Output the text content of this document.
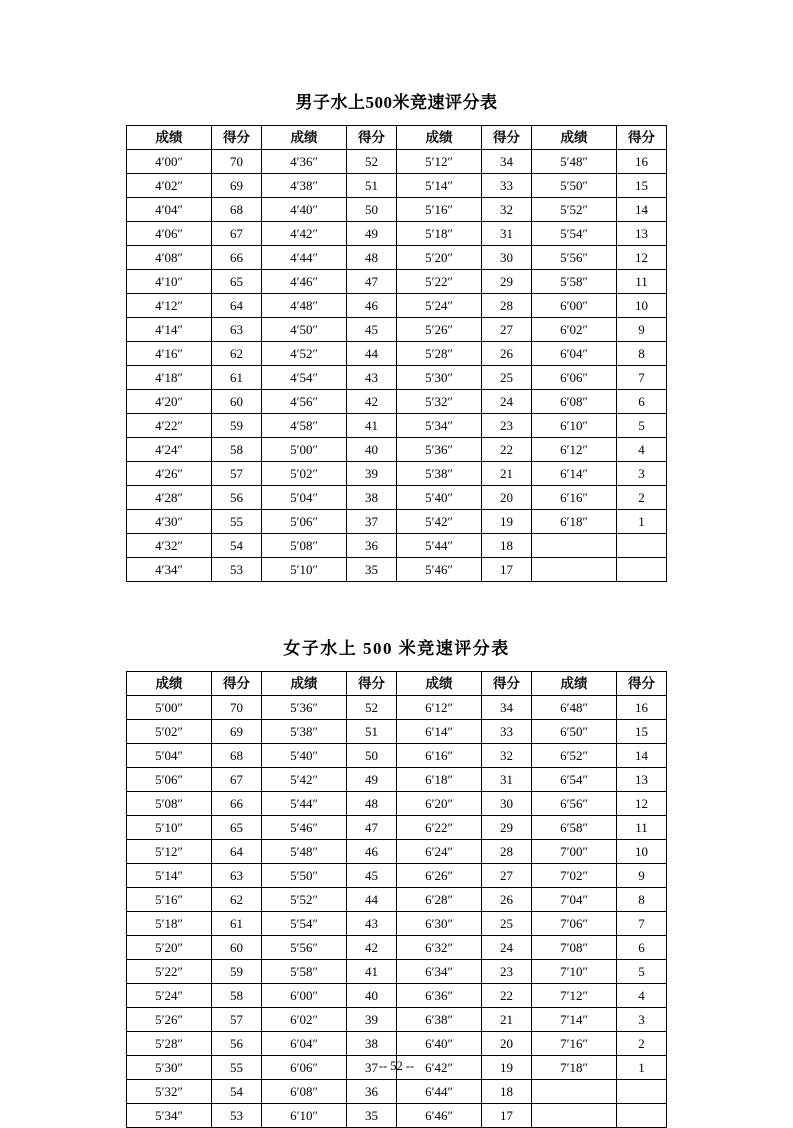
男子水上500米竞速评分表
成绩	得分	成绩	得分	成绩	得分	成绩	得分
4′00″	70	4′36″	52	5′12″	34	5′48″	16
4′02″	69	4′38″	51	5′14″	33	5′50″	15
4′04″	68	4′40″	50	5′16″	32	5′52″	14
4′06″	67	4′42″	49	5′18″	31	5′54″	13
4′08″	66	4′44″	48	5′20″	30	5′56″	12
4′10″	65	4′46″	47	5′22″	29	5′58″	11
4′12″	64	4′48″	46	5′24″	28	6′00″	10
4′14″	63	4′50″	45	5′26″	27	6′02″	9
4′16″	62	4′52″	44	5′28″	26	6′04″	8
4′18″	61	4′54″	43	5′30″	25	6′06″	7
4′20″	60	4′56″	42	5′32″	24	6′08″	6
4′22″	59	4′58″	41	5′34″	23	6′10″	5
4′24″	58	5′00″	40	5′36″	22	6′12″	4
4′26″	57	5′02″	39	5′38″	21	6′14″	3
4′28″	56	5′04″	38	5′40″	20	6′16″	2
4′30″	55	5′06″	37	5′42″	19	6′18″	1
4′32″	54	5′08″	36	5′44″	18		
4′34″	53	5′10″	35	5′46″	17		
女子水上 500 米竞速评分表
成绩	得分	成绩	得分	成绩	得分	成绩	得分
5′00″	70	5′36″	52	6′12″	34	6′48″	16
5′02″	69	5′38″	51	6′14″	33	6′50″	15
5′04″	68	5′40″	50	6′16″	32	6′52″	14
5′06″	67	5′42″	49	6′18″	31	6′54″	13
5′08″	66	5′44″	48	6′20″	30	6′56″	12
5′10″	65	5′46″	47	6′22″	29	6′58″	11
5′12″	64	5′48″	46	6′24″	28	7′00″	10
5′14″	63	5′50″	45	6′26″	27	7′02″	9
5′16″	62	5′52″	44	6′28″	26	7′04″	8
5′18″	61	5′54″	43	6′30″	25	7′06″	7
5′20″	60	5′56″	42	6′32″	24	7′08″	6
5′22″	59	5′58″	41	6′34″	23	7′10″	5
5′24″	58	6′00″	40	6′36″	22	7′12″	4
5′26″	57	6′02″	39	6′38″	21	7′14″	3
5′28″	56	6′04″	38	6′40″	20	7′16″	2
5′30″	55	6′06″	37	6′42″	19	7′18″	1
5′32″	54	6′08″	36	6′44″	18		
5′34″	53	6′10″	35	6′46″	17		
-- 52 --
